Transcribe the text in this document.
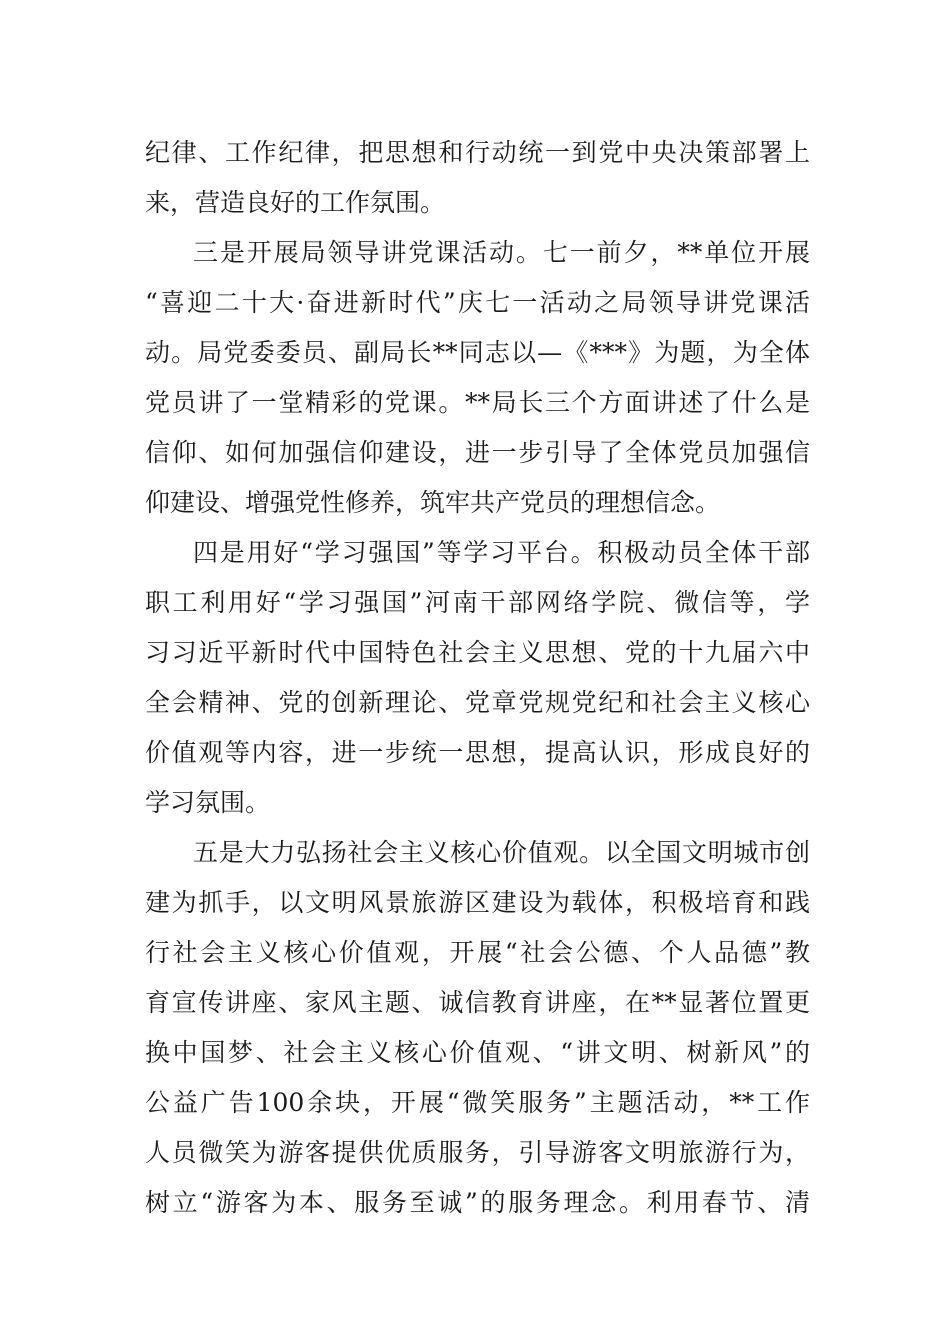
纪律、工作纪律，把思想和行动统一到党中央决策部署上
来，营造良好的工作氛围。
三是开展局领导讲党课活动。七一前夕，**单位开展
“喜迎二十大·奋进新时代”庆七一活动之局领导讲党课活
动。局党委委员、副局长**同志以—《***》为题，为全体
党员讲了一堂精彩的党课。**局长三个方面讲述了什么是
信仰、如何加强信仰建设，进一步引导了全体党员加强信
仰建设、增强党性修养，筑牢共产党员的理想信念。
四是用好“学习强国”等学习平台。积极动员全体干部
职工利用好“学习强国”河南干部网络学院、微信等，学
习习近平新时代中国特色社会主义思想、党的十九届六中
全会精神、党的创新理论、党章党规党纪和社会主义核心
价值观等内容，进一步统一思想，提高认识，形成良好的
学习氛围。
五是大力弘扬社会主义核心价值观。以全国文明城市创
建为抓手，以文明风景旅游区建设为载体，积极培育和践
行社会主义核心价值观，开展“社会公德、个人品德”教
育宣传讲座、家风主题、诚信教育讲座，在**显著位置更
换中国梦、社会主义核心价值观、“讲文明、树新风”的
公益广告100余块，开展“微笑服务”主题活动，**工作
人员微笑为游客提供优质服务，引导游客文明旅游行为，
树立“游客为本、服务至诚”的服务理念。利用春节、清
